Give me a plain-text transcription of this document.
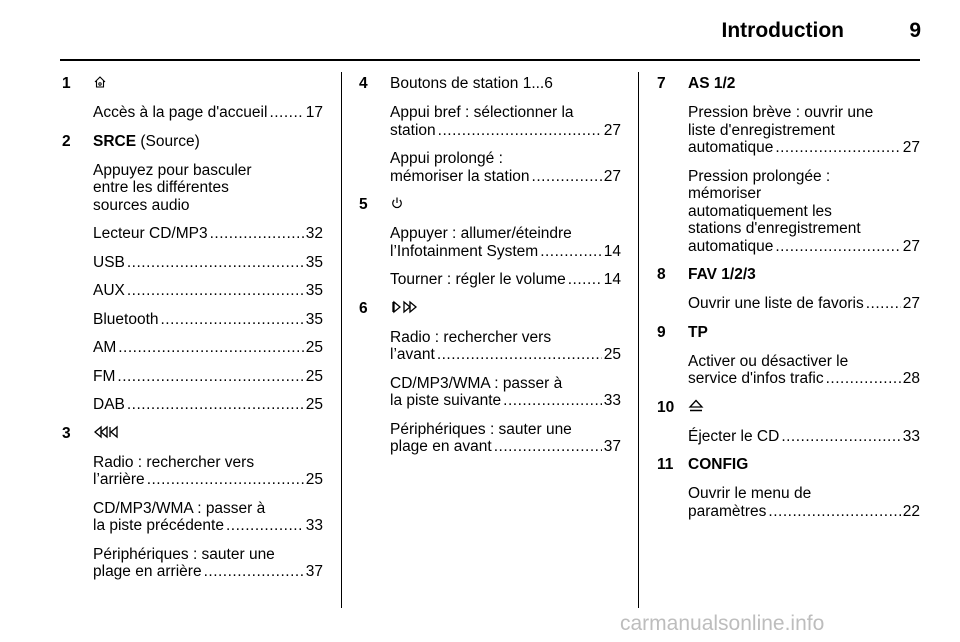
Introduction	9
1
Accès à la page d'accueil ..... 17
2 SRCE (Source)
Appuyez pour basculer
entre les différentes
sources audio
Lecteur CD/MP3 .....	32
USB .....	35
AUX .....	35
Bluetooth .....	35
AM .....	25
FM .....	25
DAB .....	25
3
Radio : rechercher vers
l’arrière .....	25
CD/MP3/WMA : passer à
la piste précédente .....	33
Périphériques : sauter une
plage en arrière .....	37
4 Boutons de station 1...6
Appui bref : sélectionner la
station .....	27
Appui prolongé :
mémoriser la station .....	27
5
Appuyer : allumer/éteindre
l’Infotainment System .....	14
Tourner : régler le volume ..... 14
6
Radio : rechercher vers
l’avant .....	25
CD/MP3/WMA : passer à
la piste suivante .....	33
Périphériques : sauter une
plage en avant .....	37
7 AS 1/2
Pression brève : ouvrir une
liste d'enregistrement
automatique .....	27
Pression prolongée :
mémoriser
automatiquement les
stations d'enregistrement
automatique .....	27
8 FAV 1/2/3
Ouvrir une liste de favoris .....	27
9 TP
Activer ou désactiver le
service d'infos trafic .....	28
10
Éjecter le CD .....	33
11 CONFIG
Ouvrir le menu de
paramètres .....	22
carmanualsonline.info
